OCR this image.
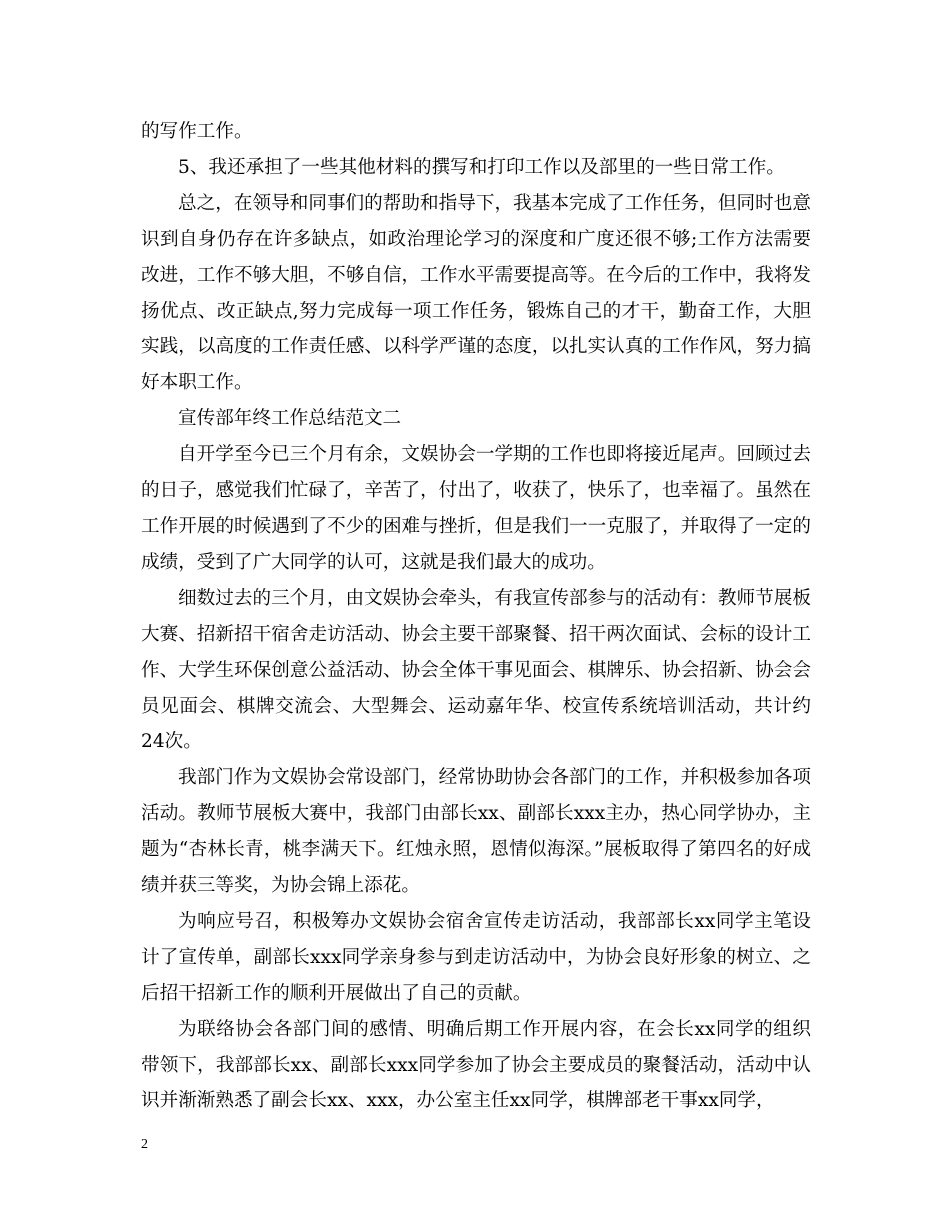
的写作工作。

5、我还承担了一些其他材料的撰写和打印工作以及部里的一些日常工作。

总之，在领导和同事们的帮助和指导下，我基本完成了工作任务，但同时也意识到自身仍存在许多缺点，如政治理论学习的深度和广度还很不够;工作方法需要改进，工作不够大胆，不够自信，工作水平需要提高等。在今后的工作中，我将发扬优点、改正缺点,努力完成每一项工作任务，锻炼自己的才干，勤奋工作，大胆实践，以高度的工作责任感、以科学严谨的态度，以扎实认真的工作作风，努力搞好本职工作。

宣传部年终工作总结范文二

自开学至今已三个月有余，文娱协会一学期的工作也即将接近尾声。回顾过去的日子，感觉我们忙碌了，辛苦了，付出了，收获了，快乐了，也幸福了。虽然在工作开展的时候遇到了不少的困难与挫折，但是我们一一克服了，并取得了一定的成绩，受到了广大同学的认可，这就是我们最大的成功。

细数过去的三个月，由文娱协会牵头，有我宣传部参与的活动有：教师节展板大赛、招新招干宿舍走访活动、协会主要干部聚餐、招干两次面试、会标的设计工作、大学生环保创意公益活动、协会全体干事见面会、棋牌乐、协会招新、协会会员见面会、棋牌交流会、大型舞会、运动嘉年华、校宣传系统培训活动，共计约24次。

我部门作为文娱协会常设部门，经常协助协会各部门的工作，并积极参加各项活动。教师节展板大赛中，我部门由部长xx、副部长xxx主办，热心同学协办，主题为“杏林长青，桃李满天下。红烛永照，恩情似海深。”展板取得了第四名的好成绩并获三等奖，为协会锦上添花。

为响应号召，积极筹办文娱协会宿舍宣传走访活动，我部部长xx同学主笔设计了宣传单，副部长xxx同学亲身参与到走访活动中，为协会良好形象的树立、之后招干招新工作的顺利开展做出了自己的贡献。

为联络协会各部门间的感情、明确后期工作开展内容，在会长xx同学的组织带领下，我部部长xx、副部长xxx同学参加了协会主要成员的聚餐活动，活动中认识并渐渐熟悉了副会长xx、xxx，办公室主任xx同学，棋牌部老干事xx同学，

2
